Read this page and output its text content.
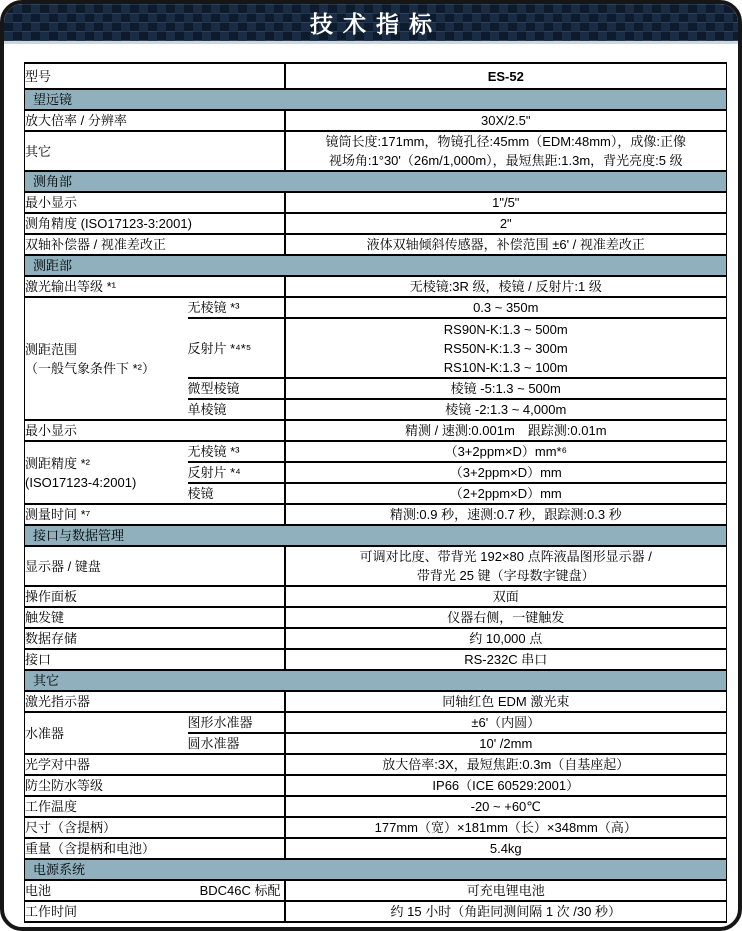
技术指标
型号		ES-52
望远镜		
放大倍率 / 分辨率		30X/2.5"
其它		镜筒长度:171mm，物镜孔径:45mm（EDM:48mm），成像:正像
视场角:1°30'（26m/1,000m），最短焦距:1.3m，背光亮度:5 级

测角部		
最小显示		1"/5"
测角精度 (ISO17123-3:2001)		2"
双轴补偿器 / 视准差改正		液体双轴倾斜传感器，补偿范围 ±6' / 视准差改正
测距部		
激光输出等级 *¹		无棱镜:3R 级，棱镜 / 反射片:1 级

测距范围
（一般气象条件下 *²）	无棱镜 *³	0.3 ~ 350m
	反射片 *⁴*⁵	RS90N-K:1.3 ~ 500m
RS50N-K:1.3 ~ 300m
RS10N-K:1.3 ~ 100m

	微型棱镜	棱镜 -5:1.3 ~ 500m
	单棱镜	棱镜 -2:1.3 ~ 4,000m
最小显示		精测 / 速测:0.001m　跟踪测:0.01m

测距精度 *²
(ISO17123-4:2001)	无棱镜 *³	（3+2ppm×D）mm*⁶
	反射片 *⁴	（3+2ppm×D）mm
	棱镜	（2+2ppm×D）mm
测量时间 *⁷		精测:0.9 秒，速测:0.7 秒，跟踪测:0.3 秒
接口与数据管理		
显示器 / 键盘		可调对比度、带背光 192×80 点阵液晶图形显示器 /
带背光 25 键（字母数字键盘）

操作面板		双面
触发键		仪器右侧，一键触发
数据存储		约 10,000 点
接口		RS-232C 串口
其它		
激光指示器		同轴红色 EDM 激光束

水准器	图形水准器	±6'（内圆）
	圆水准器	10' /2mm
光学对中器		放大倍率:3X，最短焦距:0.3m（自基座起）
防尘防水等级		IP66（ICE 60529:2001）
工作温度		-20 ~ +60℃
尺寸（含提柄）		177mm（宽）×181mm（长）×348mm（高）
重量（含提柄和电池）		5.4kg
电源系统		
电池	BDC46C 标配	可充电锂电池
工作时间		约 15 小时（角距同测间隔 1 次 /30 秒）
